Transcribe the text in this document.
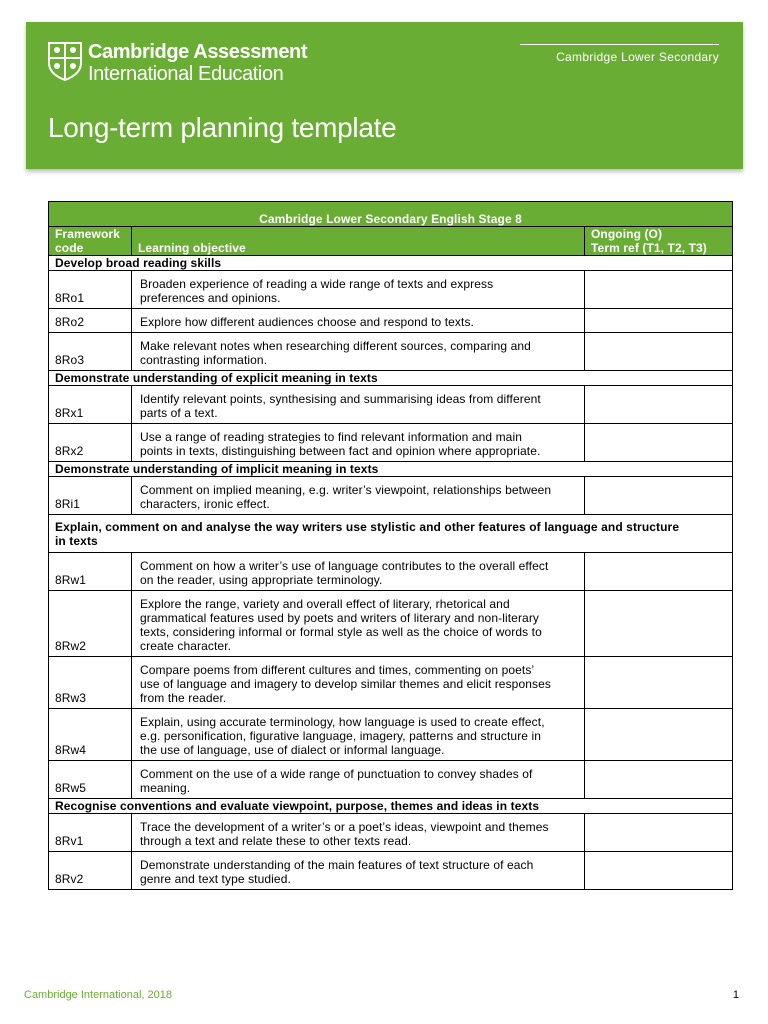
Cambridge Assessment
International Education
Cambridge Lower Secondary
Long-term planning template
Cambridge Lower Secondary English Stage 8		
Framework
code	Learning objective	Ongoing (O)
Term ref (T1, T2, T3)
Develop broad reading skills		
8Ro1	Broaden experience of reading a wide range of texts and express
preferences and opinions.	
8Ro2	Explore how different audiences choose and respond to texts.	
8Ro3	Make relevant notes when researching different sources, comparing and
contrasting information.	
Demonstrate understanding of explicit meaning in texts		
8Rx1	Identify relevant points, synthesising and summarising ideas from different
parts of a text.	
8Rx2	Use a range of reading strategies to find relevant information and main
points in texts, distinguishing between fact and opinion where appropriate.	
Demonstrate understanding of implicit meaning in texts		
8Ri1	Comment on implied meaning, e.g. writer’s viewpoint, relationships between
characters, ironic effect.	
Explain, comment on and analyse the way writers use stylistic and other features of language and structure
in texts		
8Rw1	Comment on how a writer’s use of language contributes to the overall effect
on the reader, using appropriate terminology.	
8Rw2	Explore the range, variety and overall effect of literary, rhetorical and
grammatical features used by poets and writers of literary and non-literary
texts, considering informal or formal style as well as the choice of words to
create character.	
8Rw3	Compare poems from different cultures and times, commenting on poets’
use of language and imagery to develop similar themes and elicit responses
from the reader.	
8Rw4	Explain, using accurate terminology, how language is used to create effect,
e.g. personification, figurative language, imagery, patterns and structure in
the use of language, use of dialect or informal language.	
8Rw5	Comment on the use of a wide range of punctuation to convey shades of
meaning.	
Recognise conventions and evaluate viewpoint, purpose, themes and ideas in texts		
8Rv1	Trace the development of a writer’s or a poet’s ideas, viewpoint and themes
through a text and relate these to other texts read.	
8Rv2	Demonstrate understanding of the main features of text structure of each
genre and text type studied.	
Cambridge International, 2018	1
